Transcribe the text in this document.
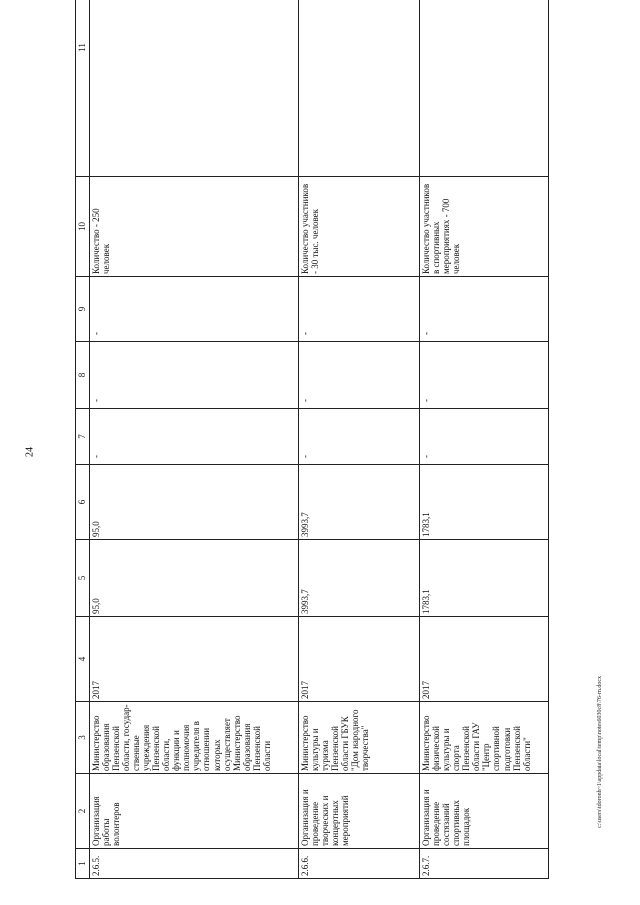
24
1	2	3	4	5	6	7	8	9	10	11
2.6.5.	Организация работы волонтеров	Министерство образования Пензенской области, государ-ственные учреждения Пензенской области, функции и полномочия учредителя в отношении которых осуществляет Министерство образования Пензенской области	2017	95,0	95,0	-	-	-	Количество - 250 человек	
2.6.6.	Организация и проведение творческих и концертных мероприятий	Министерство культуры и туризма Пензенской области ГБУК "Дом народного творчества"	2017	3993,7	3993,7	-	-	-	Количество участников - 30 тыс. человек	
2.6.7.	Организация и проведение состязаний спортивных площадок	Министерство физической культуры и спорта Пензенской области ГАУ "Центр спортивной подготовки Пензенской области"	2017	1783,1	1783,1	-	-	-	Количество участников в спортивных мероприятиях - 700 человек	
c:\users\tdoronh~1\appdata\local\temp\notes6030c8\76-rn.docx
